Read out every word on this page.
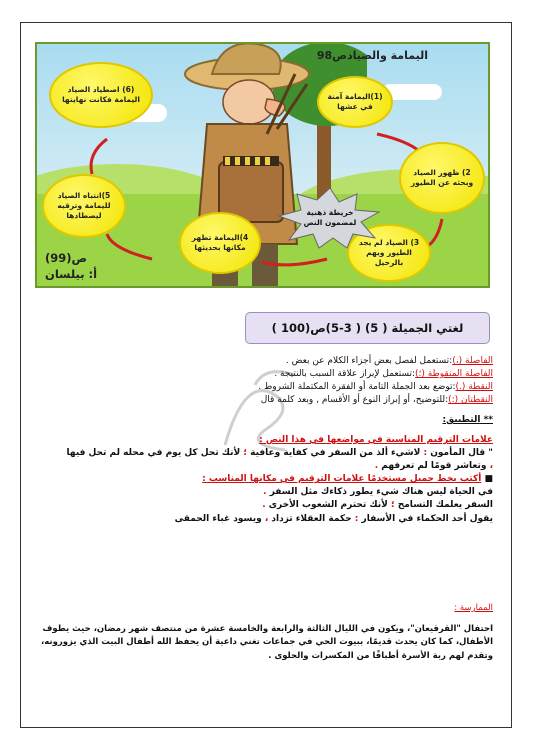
اليمامة والصيادص98
(1)اليمامة آمنة في عشها
2) ظهور الصياد وبحثه عن الطيور
3) الصياد لم يجد الطيور ويهم بالرحيل
4)اليمامة تظهر مكانها بحديثها
5)انتباه الصياد لليمامة وترقبه ليصطادها
(6) اصطياد الصياد اليمامة فكانت نهايتها
خريطة ذهنية لمضمون النص
ص(99)
أ: بيلسان
لغتي الجميلة ( 5) ( 3-5)ص(100 )

الفاصلة (،):تستعمل لفصل بعض أجزاء الكلام عن بعض .

الفاصلة المنقوطة (؛):تستعمل لإبراز علاقة السبب بالنتيجة .

النقطة (.):توضع بعد الجملة التامة أو الفقرة المكتملة الشروط .

النقطتان (:):للتوضيح، أو إبراز النوع أو الأقسام , وبعد كلمة قال

** التطبيق:

علامات الترقيم المناسبة في مواضعها في هذا النص :

" قال المأمون : لاشيء ألذ من السفر في كفاية وعافية ؛ لأنك تحل كل يوم في محله لم تحل فيها

، وتعاشر قومًا لم تعرفهم .

■ أكتب بخط جميل مستخدمًا علامات الترقيم في مكانها المناسب :

في الحياة ليس هناك شيء يطور ذكاءك مثل السفر .

السفر يعلمك التسامح ؛ لأنك تحترم الشعوب الأخرى .

يقول أحد الحكماء في الأسفار : حكمة العقلاء تزداد ، ويسود غباء الحمقى

الممارسة :

احتفال "القرقيعان"، ويكون في الليال الثالثة والرابعة والخامسة عشرة من منتصف شهر رمضان، حيث يطوف

الأطفال، كما كان يحدث قديمًا، ببيوت الحي في جماعات تغني داعية أن يحفظ الله أطفال البيت الذي يزورونه،

وتقدم لهم ربة الأسرة أطباقًا من المكسرات والحلوى .
